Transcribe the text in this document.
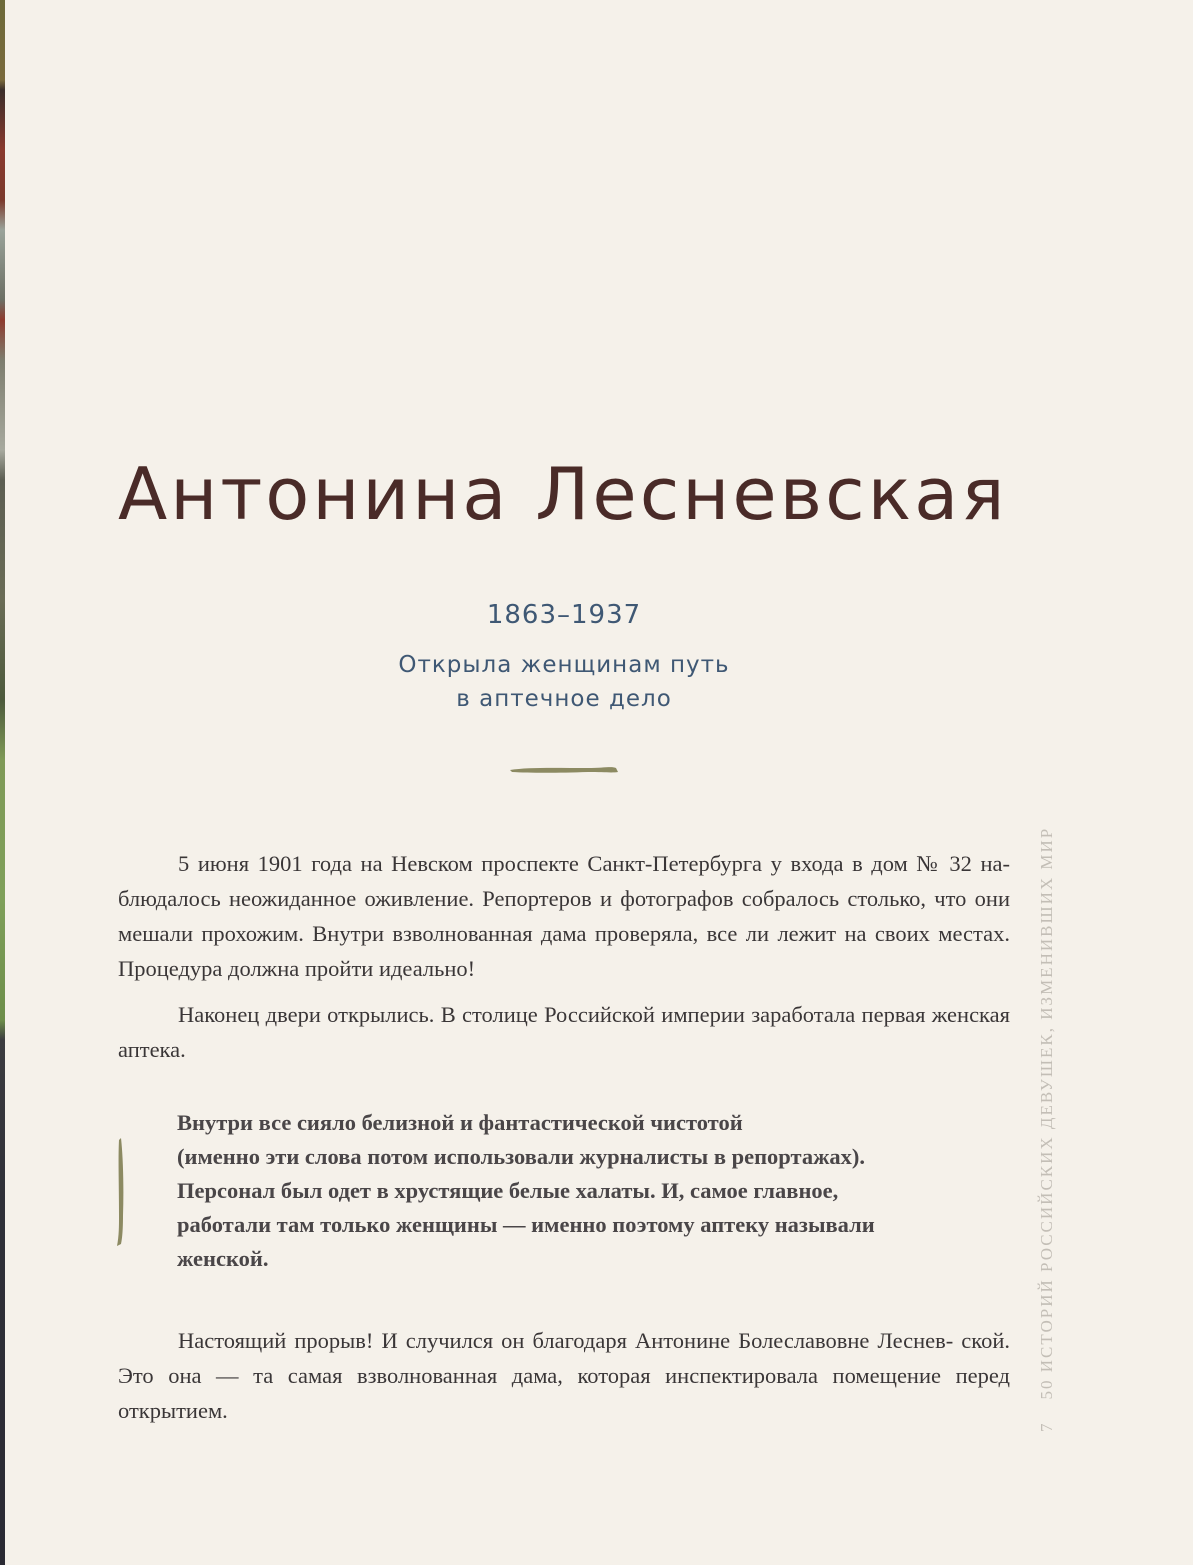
Антонина Лесневская
1863–1937
Открыла женщинам путь
в аптечное дело
5 июня 1901 года на Невском проспекте Санкт-Петербурга у входа в дом № 32 на- блюдалось неожиданное оживление. Репортеров и фотографов собралось столько, что они мешали прохожим. Внутри взволнованная дама проверяла, все ли лежит на своих местах. Процедура должна пройти идеально!
Наконец двери открылись. В столице Российской империи заработала первая женская аптека.
Внутри все сияло белизной и фантастической чистотой
(именно эти слова потом использовали журналисты в репортажах).
Персонал был одет в хрустящие белые халаты. И, самое главное,
работали там только женщины — именно поэтому аптеку называли
женской.
Настоящий прорыв! И случился он благодаря Антонине Болеславовне Леснев- ской. Это она — та самая взволнованная дама, которая инспектировала помещение перед открытием.
7
50 ИСТОРИЙ РОССИЙСКИХ ДЕВУШЕК, ИЗМЕНИВШИХ МИР
